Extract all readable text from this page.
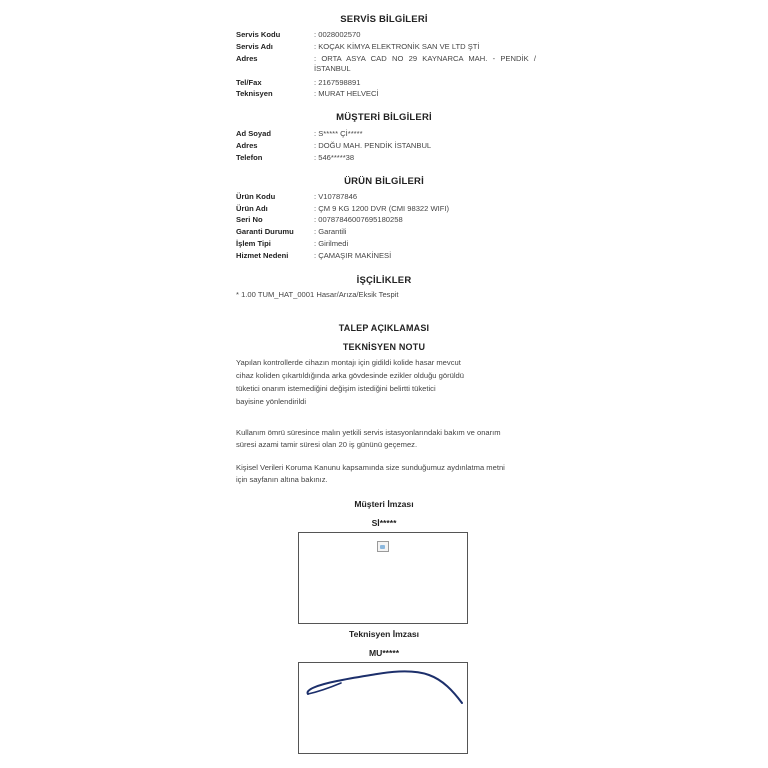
SERVİS BİLGİLERİ
Servis Kodu	: 0028002570
Servis Adı	: KOÇAK KİMYA ELEKTRONİK SAN VE LTD ŞTİ
Adres	: ORTA ASYA CAD NO 29 KAYNARCA MAH. - PENDİK / İSTANBUL
Tel/Fax	: 2167598891
Teknisyen	: MURAT HELVECİ
MÜŞTERİ BİLGİLERİ
Ad Soyad	: S***** Çİ*****
Adres	: DOĞU MAH. PENDİK İSTANBUL
Telefon	: 546*****38
ÜRÜN BİLGİLERİ
Ürün Kodu	: V10787846
Ürün Adı	: ÇM 9 KG 1200 DVR (CMI 98322 WIFI)
Seri No	: 00787846007695180258
Garanti Durumu	: Garantili
İşlem Tipi	: Girilmedi
Hizmet Nedeni	: ÇAMAŞIR MAKİNESİ
İŞÇİLİKLER
* 1.00 TUM_HAT_0001 Hasar/Arıza/Eksik Tespit
TALEP AÇIKLAMASI
TEKNİSYEN NOTU
Yapılan kontrollerde cihazın montajı için gidildi kolide hasar mevcut
cihaz koliden çıkartıldığında arka gövdesinde ezikler olduğu görüldü
tüketici onarım istemediğini değişim istediğini belirtti tüketici
bayisine yönlendirildi
Kullanım ömrü süresince malın yetkili servis istasyonlarındaki bakım ve onarım
süresi azami tamir süresi olan 20 iş gününü geçemez.
Kişisel Verileri Koruma Kanunu kapsamında size sunduğumuz aydınlatma metni
için sayfanın altına bakınız.
Müşteri İmzası
Sİ*****
Teknisyen İmzası
MU*****
